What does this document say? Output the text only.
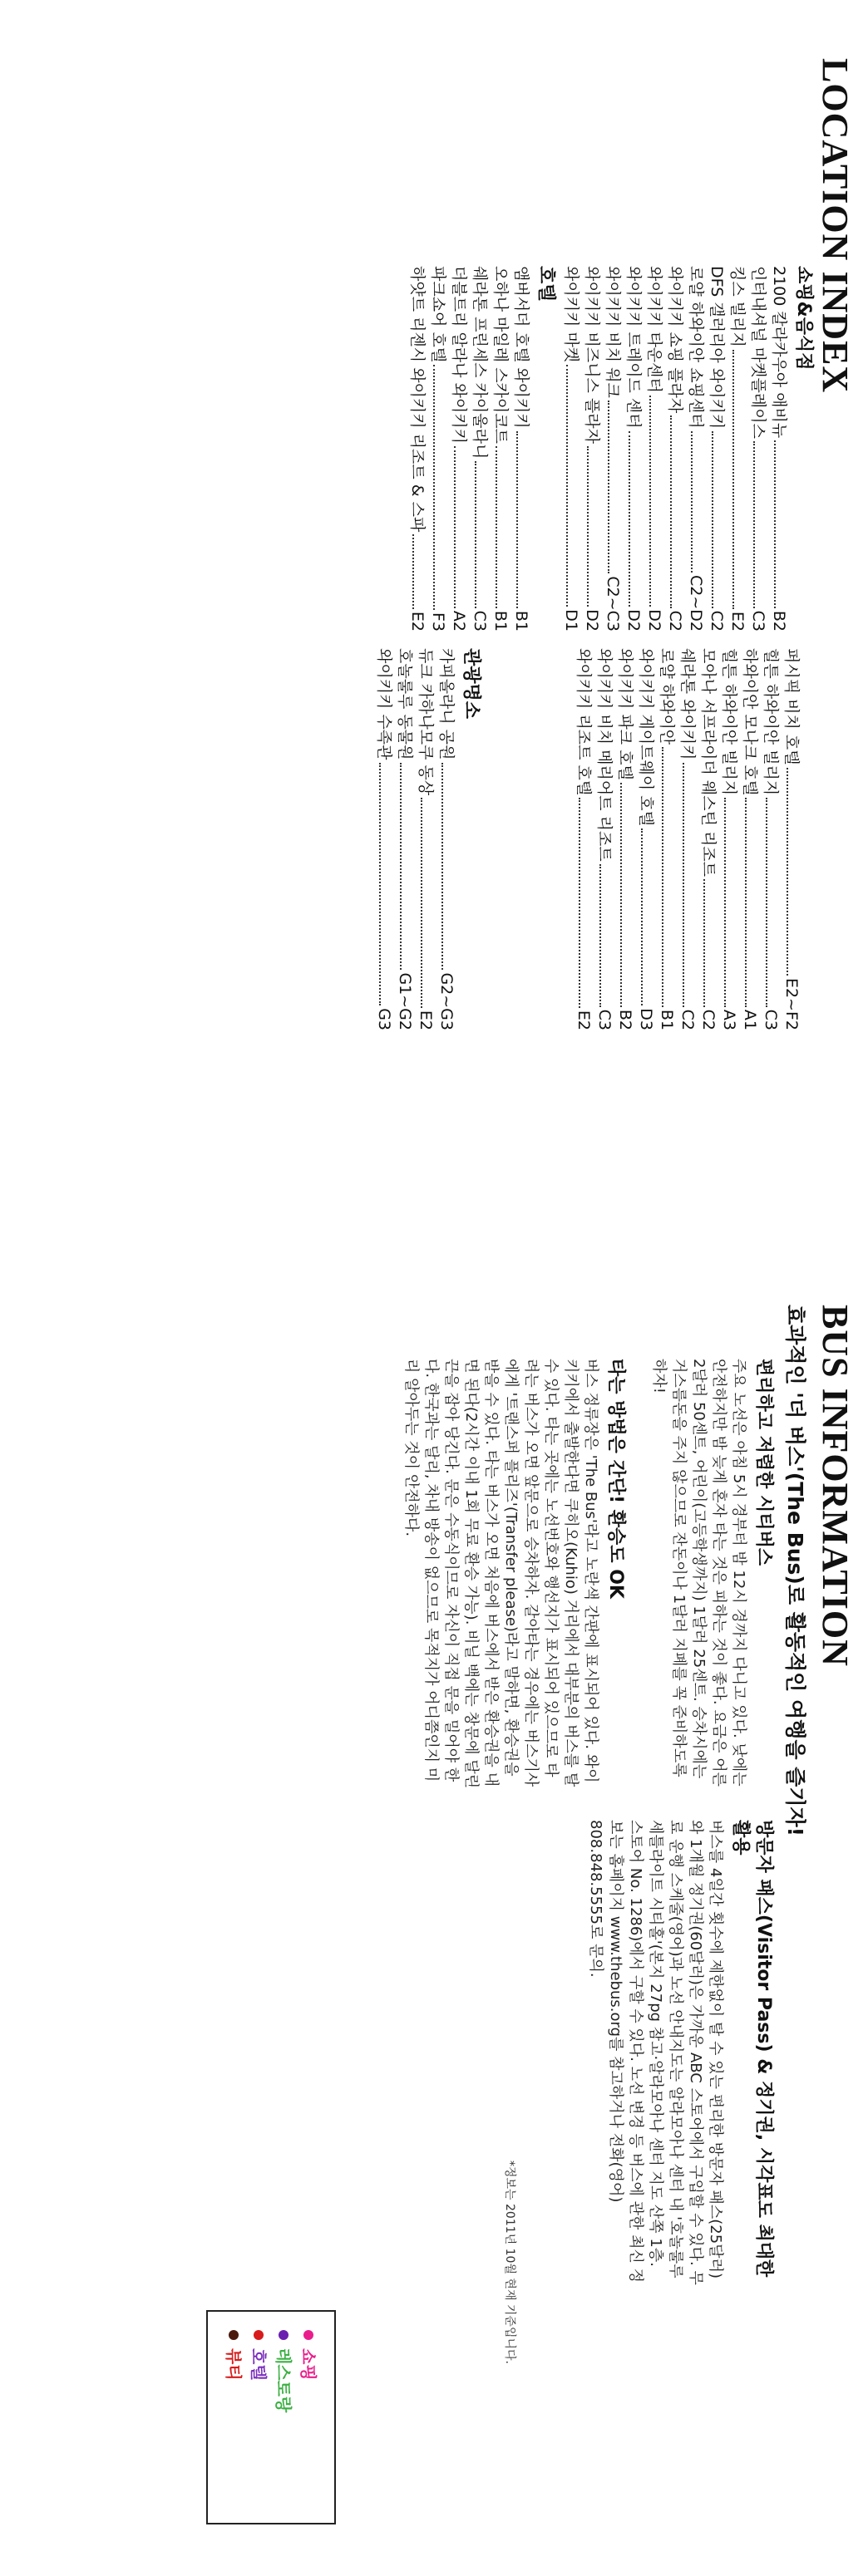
LOCATION INDEX
쇼핑&음식점
2100 칼라카우아 애비뉴
B2
인터내셔널 마켓플레이스
C3
킹스 빌리지
E2
DFS 갤러리아 와이키키
C2
로얄 하와이안 쇼핑센터
C2~D2
와이키키 쇼핑 플라자
C2
와이키키 타운센터
D2
와이키키 트레이드 센터
D2
와이키키 비치 워크
C2~C3
와이키키 비즈니스 플라자
D2
와이키키 마켓
D1
퍼시픽 비치 호텔
E2~F2
힐튼 하와이안 빌리지
C3
하와이안 모나크 호텔
A1
힐튼 하와이안 빌리지
A3
모아나 서프라이더 웨스틴 리조트
C2
쉐라톤 와이키키
C2
로얄 하와이안
B1
와이키키 게이트웨이 호텔
D3
와이키키 파크 호텔
B2
와이키키 비치 메리어트 리조트
C3
와이키키 리조트 호텔
E2
호텔
앰버서더 호텔 와이키키
B1
오하나 마일레 스카이코트
B1
쉐라톤 프린세스 카이울라니
C3
더블트리 알라나 와이키키
A2
파크쇼어 호텔
F3
하얏트 리젠시 와이키키 리조트 & 스파
E2
관광명소
카피올라니 공원
G2~G3
듀크 카하나모쿠 동상
E2
호놀룰루 동물원
G1~G2
와이키키 수족관
G3
BUS INFORMATION
효과적인 '더 버스'(The Bus)로 활동적인 여행을 즐기자!
편리하고 저렴한 시티버스

주요 노선은 아침 5시 경부터 밤 12시 경까지 다니고 있다. 낮에는 안전하지만 밤 늦게 혼자 타는 것은 피하는 것이 좋다. 요금은 어른 2달러 50센트, 어린이(고등학생까지) 1달러 25센트. 승차시에는 거스름돈을 주지 않으므로 잔돈이나 1달러 지폐를 꼭 준비하도록 하자!

타는 방법은 간단! 환승도 OK

버스 정류장은 'The Bus'라고 노란색 간판에 표시되어 있다. 와이키키에서 출발한다면 쿠히오(Kuhio) 거리에서 대부분의 버스를 탈 수 있다. 타는 곳에는 노선번호와 행선지가 표시되어 있으므로 타려는 버스가 오면 앞문으로 승차하자. 갈아타는 경우에는 버스기사에게 '트랜스퍼 플리즈'(Transfer please)라고 말하면, 환승권을 받을 수 있다. 타는 버스가 오면 처음에 버스에서 받은 환승권을 내면 된다(2시간 이내 1회 무료 환승 가능). 비닐 백에는 창문에 달린 끈을 잡아 당긴다. 문은 수동식이므로 자신이 직접 문을 밀어야 한다. 한국과는 달리, 차내 방송이 없으므로 목적지가 어디쯤인지 미리 알아두는 것이 안전하다.

방문자 패스(Visitor Pass) & 정기권, 시각표도 최대한 활용

버스를 4일간 횟수에 제한없이 탈 수 있는 편리한 방문자 패스(25달러)와 1개월 정기권(60달러)은 가까운 ABC 스토어에서 구입할 수 있다. 무료 운행 스케줄(영어)과 노선 안내지도는 알라모아나 센터 내 '호놀룰루 세틀라이트 시티홀'(본지 27pg 참고·알라모아나 센터 지도 산쪽 1층. 스토어 No. 1286)에서 구할 수 있다. 노선 변경 등 버스에 관한 최신 정보는 홈페이지 www.thebus.org를 참고하거나 전화(영어) 808.848.5555로 문의.

*정보는 2011년 10월 현재 기준입니다.
쇼핑
레스토랑
호텔
뷰티
